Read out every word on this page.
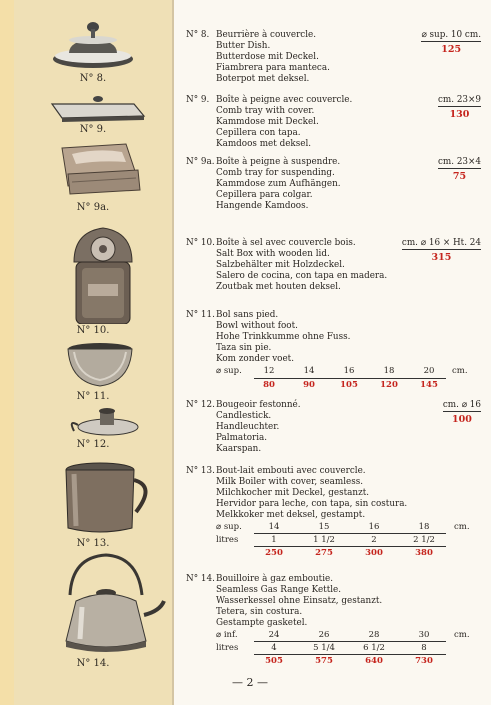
N° 8.
N° 9.
N° 9a.
N° 10.
N° 11.
N° 12.
N° 13.
N° 14.
N° 8. Beurrière à couvercle.
Butter Dish.
Butterdose mit Deckel.
Fiambrera para manteca.
Boterpot met deksel.
⌀ sup. 10 cm.
125
N° 9. Boîte à peigne avec couvercle.
Comb tray with cover.
Kammdose mit Deckel.
Cepillera con tapa.
Kamdoos met deksel.
cm. 23×9
130
N° 9a.Boîte à peigne à suspendre.
Comb tray for suspending.
Kammdose zum Aufhängen.
Cepillera para colgar.
Hangende Kamdoos.
cm. 23×4
75
N° 10.Boîte à sel avec couvercle bois.
Salt Box with wooden lid.
Salzbehälter mit Holzdeckel.
Salero de cocina, con tapa en madera.
Zoutbak met houten deksel.
cm. ⌀ 16 × Ht. 24
315
N° 11.Bol sans pied.
Bowl without foot.
Hohe Trinkkumme ohne Fuss.
Taza sin pie.
Kom zonder voet.
⌀ sup.	12	14	16	18	20	cm.
80	90	105	120	145
N° 12.Bougeoir festonné.
Candlestick.
Handleuchter.
Palmatoria.
Kaarspan.
cm. ⌀ 16
100
N° 13.Bout-lait embouti avec couvercle.
Milk Boiler with cover, seamless.
Milchkocher mit Deckel, gestanzt.
Hervidor para leche, con tapa, sin costura.
Melkkoker met deksel, gestampt.
⌀ sup.	14	15	16	18	cm.
litres	1	1 1/2	2	2 1/2
250	275	300	380
N° 14.Bouilloire à gaz emboutie.
Seamless Gas Range Kettle.
Wasserkessel ohne Einsatz, gestanzt.
Tetera, sin costura.
Gestampte gasketel.
⌀ inf.	24	26	28	30	cm.
litres	4	5 1/4	6 1/2	8
505	575	640	730
— 2 —
